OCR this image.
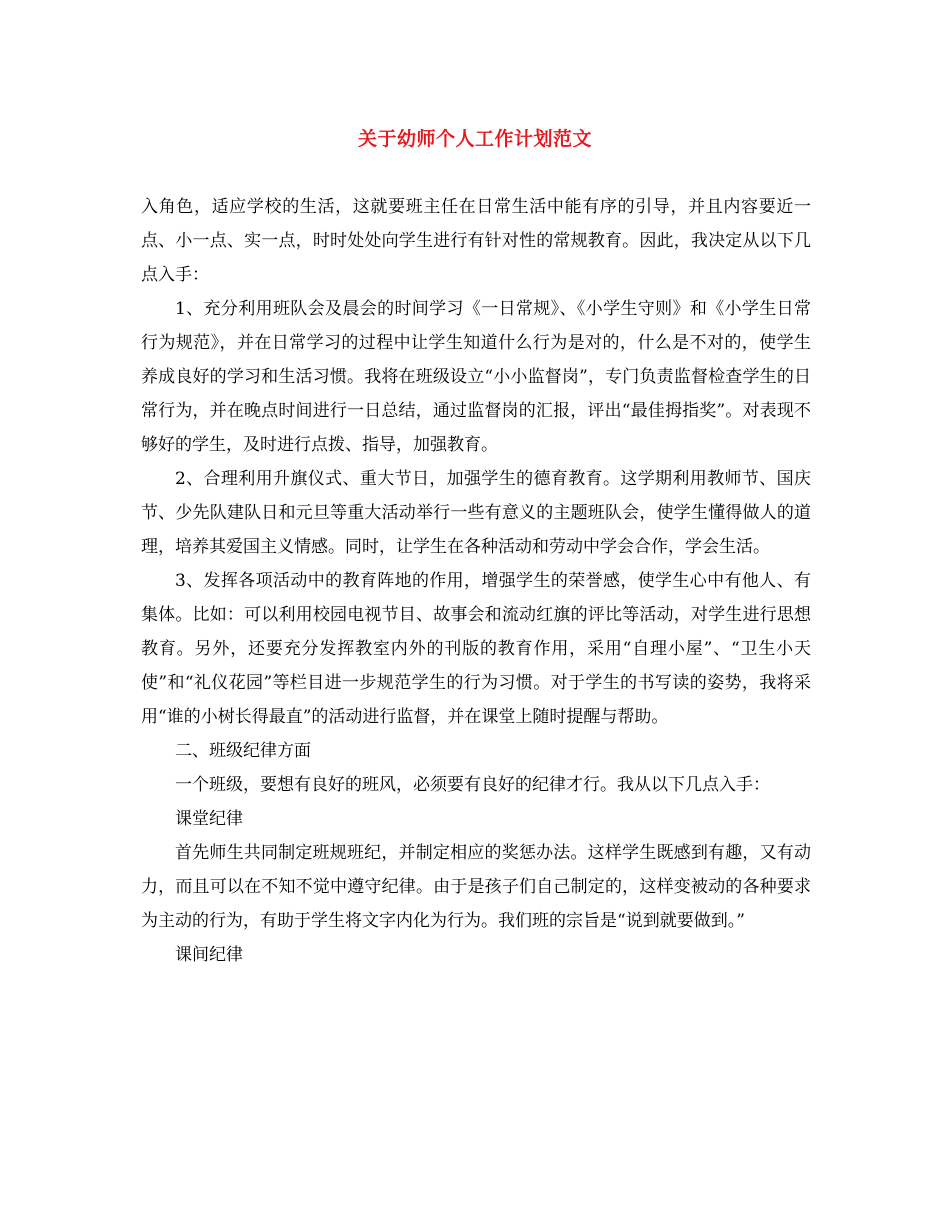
关于幼师个人工作计划范文

入角色，适应学校的生活，这就要班主任在日常生活中能有序的引导，并且内容要近一点、小一点、实一点，时时处处向学生进行有针对性的常规教育。因此，我决定从以下几点入手：

1、充分利用班队会及晨会的时间学习《一日常规》、《小学生守则》和《小学生日常行为规范》，并在日常学习的过程中让学生知道什么行为是对的，什么是不对的，使学生养成良好的学习和生活习惯。我将在班级设立“小小监督岗”，专门负责监督检查学生的日常行为，并在晚点时间进行一日总结，通过监督岗的汇报，评出“最佳拇指奖”。对表现不够好的学生，及时进行点拨、指导，加强教育。

2、合理利用升旗仪式、重大节日，加强学生的德育教育。这学期利用教师节、国庆节、少先队建队日和元旦等重大活动举行一些有意义的主题班队会，使学生懂得做人的道理，培养其爱国主义情感。同时，让学生在各种活动和劳动中学会合作，学会生活。

3、发挥各项活动中的教育阵地的作用，增强学生的荣誉感，使学生心中有他人、有集体。比如：可以利用校园电视节目、故事会和流动红旗的评比等活动，对学生进行思想教育。另外，还要充分发挥教室内外的刊版的教育作用，采用“自理小屋”、“卫生小天使”和“礼仪花园”等栏目进一步规范学生的行为习惯。对于学生的书写读的姿势，我将采用“谁的小树长得最直”的活动进行监督，并在课堂上随时提醒与帮助。

二、班级纪律方面

一个班级，要想有良好的班风，必须要有良好的纪律才行。我从以下几点入手：

课堂纪律

首先师生共同制定班规班纪，并制定相应的奖惩办法。这样学生既感到有趣，又有动力，而且可以在不知不觉中遵守纪律。由于是孩子们自己制定的，这样变被动的各种要求为主动的行为，有助于学生将文字内化为行为。我们班的宗旨是“说到就要做到。”

课间纪律
